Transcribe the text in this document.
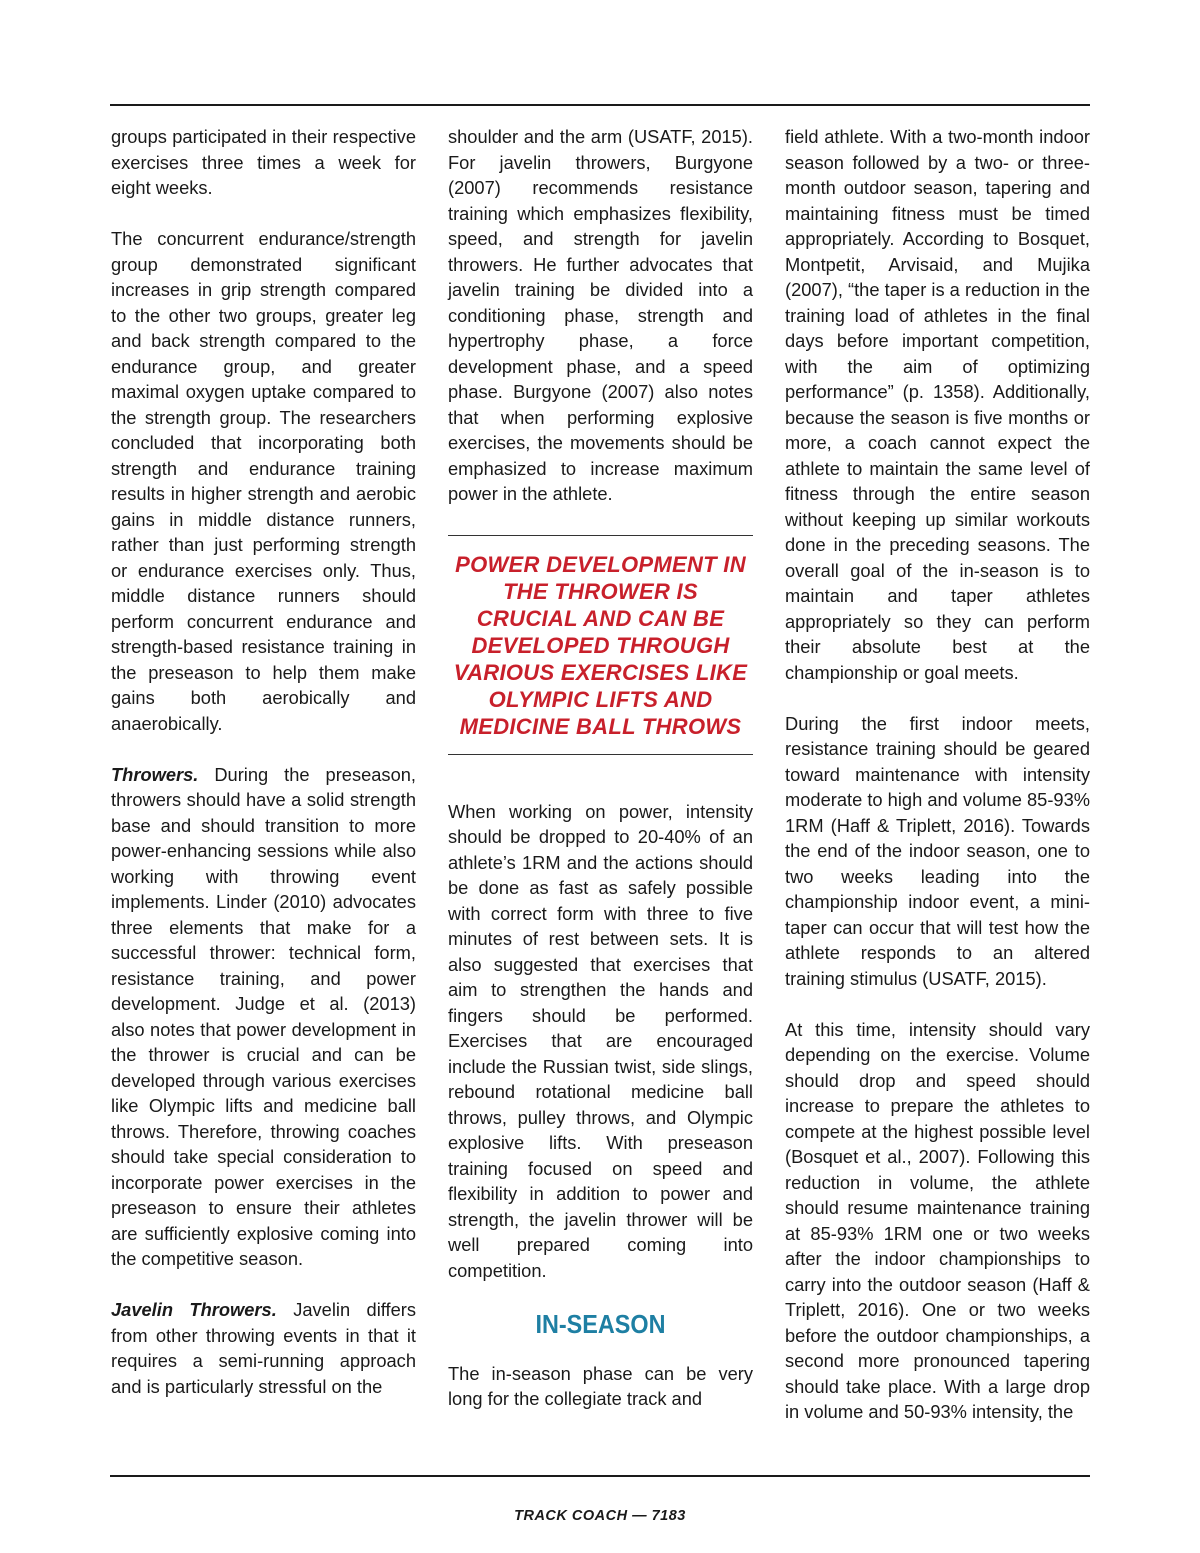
groups participated in their respective exercises three times a week for eight weeks.

The concurrent endurance/strength group demonstrated significant increases in grip strength compared to the other two groups, greater leg and back strength compared to the endurance group, and greater maximal oxygen uptake compared to the strength group. The researchers concluded that incorporating both strength and endurance training results in higher strength and aerobic gains in middle distance runners, rather than just performing strength or endurance exercises only. Thus, middle distance runners should perform concurrent endurance and strength-based resistance training in the preseason to help them make gains both aerobically and anaerobically.

Throwers. During the preseason, throwers should have a solid strength base and should transition to more power-enhancing sessions while also working with throwing event implements. Linder (2010) advocates three elements that make for a successful thrower: technical form, resistance training, and power development. Judge et al. (2013) also notes that power development in the thrower is crucial and can be developed through various exercises like Olympic lifts and medicine ball throws. Therefore, throwing coaches should take special consideration to incorporate power exercises in the preseason to ensure their athletes are sufficiently explosive coming into the competitive season.

Javelin Throwers. Javelin differs from other throwing events in that it requires a semi-running approach and is particularly stressful on the

shoulder and the arm (USATF, 2015). For javelin throwers, Burgyone (2007) recommends resistance training which emphasizes flexibility, speed, and strength for javelin throwers. He further advocates that javelin training be divided into a conditioning phase, strength and hypertrophy phase, a force development phase, and a speed phase. Burgyone (2007) also notes that when performing explosive exercises, the movements should be emphasized to increase maximum power in the athlete.

POWER DEVELOPMENT IN THE THROWER IS CRUCIAL AND CAN BE DEVELOPED THROUGH VARIOUS EXERCISES LIKE OLYMPIC LIFTS AND MEDICINE BALL THROWS

When working on power, intensity should be dropped to 20-40% of an athlete’s 1RM and the actions should be done as fast as safely possible with correct form with three to five minutes of rest between sets. It is also suggested that exercises that aim to strengthen the hands and fingers should be performed. Exercises that are encouraged include the Russian twist, side slings, rebound rotational medicine ball throws, pulley throws, and Olympic explosive lifts. With preseason training focused on speed and flexibility in addition to power and strength, the javelin thrower will be well prepared coming into competition.

IN-SEASON

The in-season phase can be very long for the collegiate track and

field athlete. With a two-month indoor season followed by a two- or three-month outdoor season, tapering and maintaining fitness must be timed appropriately. According to Bosquet, Montpetit, Arvisaid, and Mujika (2007), “the taper is a reduction in the training load of athletes in the final days before important competition, with the aim of optimizing performance” (p. 1358). Additionally, because the season is five months or more, a coach cannot expect the athlete to maintain the same level of fitness through the entire season without keeping up similar workouts done in the preceding seasons. The overall goal of the in-season is to maintain and taper athletes appropriately so they can perform their absolute best at the championship or goal meets.

During the first indoor meets, resistance training should be geared toward maintenance with intensity moderate to high and volume 85-93% 1RM (Haff & Triplett, 2016). Towards the end of the indoor season, one to two weeks leading into the championship indoor event, a mini-taper can occur that will test how the athlete responds to an altered training stimulus (USATF, 2015).

At this time, intensity should vary depending on the exercise. Volume should drop and speed should increase to prepare the athletes to compete at the highest possible level (Bosquet et al., 2007). Following this reduction in volume, the athlete should resume maintenance training at 85-93% 1RM one or two weeks after the indoor championships to carry into the outdoor season (Haff & Triplett, 2016). One or two weeks before the outdoor championships, a second more pronounced tapering should take place. With a large drop in volume and 50-93% intensity, the

TRACK COACH — 7183
